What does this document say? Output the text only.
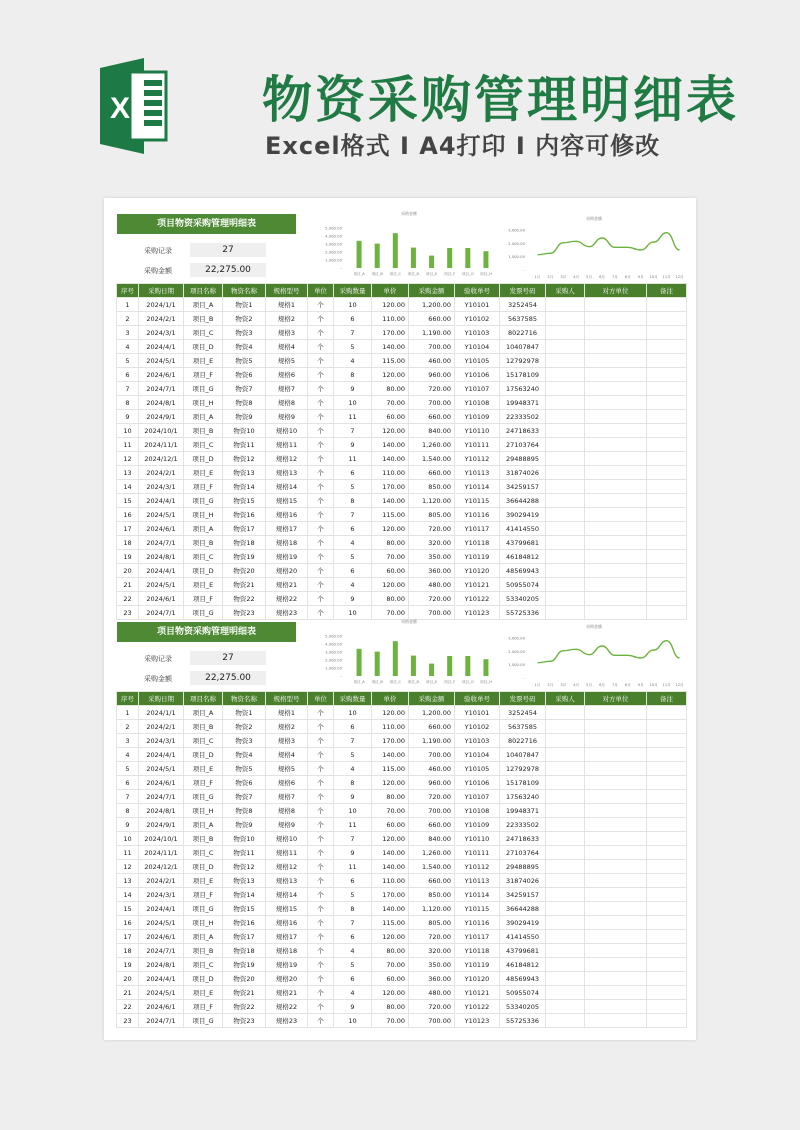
X	物资采购管理明细表
Excel格式 I A4打印 I 内容可修改
项目物资采购管理明细表
采购记录	27
采购金额	22,275.00
采购金额
-
1,000.00
2,000.00
3,000.00
4,000.00
5,000.00
项目_A 项目_B 项目_C 项目_D 项目_E 项目_F 项目_G 项目_H
采购金额
-
1,000.00
2,000.00
3,000.00
1月 2月 3月 4月 5月 6月 7月 8月 9月 10月 11月 12月
序号	采购日期	项目名称	物资名称	规格型号	单位	采购数量	单价	采购金额	验收单号	发票号码	采购人	对方单位	备注
1	2024/1/1	项目_A	物资1	规格1	个	10	120.00	1,200.00	Y10101	3252454			
2	2024/2/1	项目_B	物资2	规格2	个	6	110.00	660.00	Y10102	5637585			
3	2024/3/1	项目_C	物资3	规格3	个	7	170.00	1,190.00	Y10103	8022716			
4	2024/4/1	项目_D	物资4	规格4	个	5	140.00	700.00	Y10104	10407847			
5	2024/5/1	项目_E	物资5	规格5	个	4	115.00	460.00	Y10105	12792978			
6	2024/6/1	项目_F	物资6	规格6	个	8	120.00	960.00	Y10106	15178109			
7	2024/7/1	项目_G	物资7	规格7	个	9	80.00	720.00	Y10107	17563240			
8	2024/8/1	项目_H	物资8	规格8	个	10	70.00	700.00	Y10108	19948371			
9	2024/9/1	项目_A	物资9	规格9	个	11	60.00	660.00	Y10109	22333502			
10	2024/10/1	项目_B	物资10	规格10	个	7	120.00	840.00	Y10110	24718633			
11	2024/11/1	项目_C	物资11	规格11	个	9	140.00	1,260.00	Y10111	27103764			
12	2024/12/1	项目_D	物资12	规格12	个	11	140.00	1,540.00	Y10112	29488895			
13	2024/2/1	项目_E	物资13	规格13	个	6	110.00	660.00	Y10113	31874026			
14	2024/3/1	项目_F	物资14	规格14	个	5	170.00	850.00	Y10114	34259157			
15	2024/4/1	项目_G	物资15	规格15	个	8	140.00	1,120.00	Y10115	36644288			
16	2024/5/1	项目_H	物资16	规格16	个	7	115.00	805.00	Y10116	39029419			
17	2024/6/1	项目_A	物资17	规格17	个	6	120.00	720.00	Y10117	41414550			
18	2024/7/1	项目_B	物资18	规格18	个	4	80.00	320.00	Y10118	43799681			
19	2024/8/1	项目_C	物资19	规格19	个	5	70.00	350.00	Y10119	46184812			
20	2024/4/1	项目_D	物资20	规格20	个	6	60.00	360.00	Y10120	48569943			
21	2024/5/1	项目_E	物资21	规格21	个	4	120.00	480.00	Y10121	50955074			
22	2024/6/1	项目_F	物资22	规格22	个	9	80.00	720.00	Y10122	53340205			
23	2024/7/1	项目_G	物资23	规格23	个	10	70.00	700.00	Y10123	55725336			
项目物资采购管理明细表
采购记录	27
采购金额	22,275.00
采购金额
-
1,000.00
2,000.00
3,000.00
4,000.00
5,000.00
项目_A 项目_B 项目_C 项目_D 项目_E 项目_F 项目_G 项目_H
采购金额
-
1,000.00
2,000.00
3,000.00
1月 2月 3月 4月 5月 6月 7月 8月 9月 10月 11月 12月
序号	采购日期	项目名称	物资名称	规格型号	单位	采购数量	单价	采购金额	验收单号	发票号码	采购人	对方单位	备注
1	2024/1/1	项目_A	物资1	规格1	个	10	120.00	1,200.00	Y10101	3252454			
2	2024/2/1	项目_B	物资2	规格2	个	6	110.00	660.00	Y10102	5637585			
3	2024/3/1	项目_C	物资3	规格3	个	7	170.00	1,190.00	Y10103	8022716			
4	2024/4/1	项目_D	物资4	规格4	个	5	140.00	700.00	Y10104	10407847			
5	2024/5/1	项目_E	物资5	规格5	个	4	115.00	460.00	Y10105	12792978			
6	2024/6/1	项目_F	物资6	规格6	个	8	120.00	960.00	Y10106	15178109			
7	2024/7/1	项目_G	物资7	规格7	个	9	80.00	720.00	Y10107	17563240			
8	2024/8/1	项目_H	物资8	规格8	个	10	70.00	700.00	Y10108	19948371			
9	2024/9/1	项目_A	物资9	规格9	个	11	60.00	660.00	Y10109	22333502			
10	2024/10/1	项目_B	物资10	规格10	个	7	120.00	840.00	Y10110	24718633			
11	2024/11/1	项目_C	物资11	规格11	个	9	140.00	1,260.00	Y10111	27103764			
12	2024/12/1	项目_D	物资12	规格12	个	11	140.00	1,540.00	Y10112	29488895			
13	2024/2/1	项目_E	物资13	规格13	个	6	110.00	660.00	Y10113	31874026			
14	2024/3/1	项目_F	物资14	规格14	个	5	170.00	850.00	Y10114	34259157			
15	2024/4/1	项目_G	物资15	规格15	个	8	140.00	1,120.00	Y10115	36644288			
16	2024/5/1	项目_H	物资16	规格16	个	7	115.00	805.00	Y10116	39029419			
17	2024/6/1	项目_A	物资17	规格17	个	6	120.00	720.00	Y10117	41414550			
18	2024/7/1	项目_B	物资18	规格18	个	4	80.00	320.00	Y10118	43799681			
19	2024/8/1	项目_C	物资19	规格19	个	5	70.00	350.00	Y10119	46184812			
20	2024/4/1	项目_D	物资20	规格20	个	6	60.00	360.00	Y10120	48569943			
21	2024/5/1	项目_E	物资21	规格21	个	4	120.00	480.00	Y10121	50955074			
22	2024/6/1	项目_F	物资22	规格22	个	9	80.00	720.00	Y10122	53340205			
23	2024/7/1	项目_G	物资23	规格23	个	10	70.00	700.00	Y10123	55725336			
